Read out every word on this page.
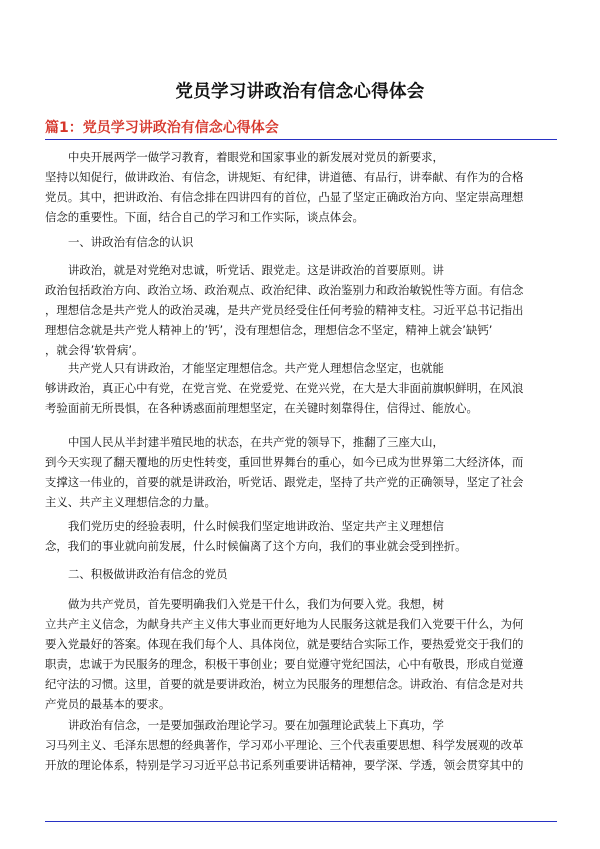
党员学习讲政治有信念心得体会
篇1：党员学习讲政治有信念心得体会
中央开展两学一做学习教育，着眼党和国家事业的新发展对党员的新要求，
坚持以知促行，做讲政治、有信念，讲规矩、有纪律，讲道德、有品行，讲奉献、有作为的合格
党员。其中，把讲政治、有信念排在四讲四有的首位，凸显了坚定正确政治方向、坚定崇高理想
信念的重要性。下面，结合自己的学习和工作实际，谈点体会。
一、讲政治有信念的认识
讲政治，就是对党绝对忠诚，听党话、跟党走。这是讲政治的首要原则。讲
政治包括政治方向、政治立场、政治观点、政治纪律、政治鉴别力和政治敏锐性等方面。有信念
，理想信念是共产党人的政治灵魂，是共产党员经受住任何考验的精神支柱。习近平总书记指出
理想信念就是共产党人精神上的’钙’，没有理想信念，理想信念不坚定，精神上就会’缺钙’
，就会得’软骨病’。
共产党人只有讲政治，才能坚定理想信念。共产党人理想信念坚定，也就能
够讲政治，真正心中有党，在党言党、在党爱党、在党兴党，在大是大非面前旗帜鲜明，在风浪
考验面前无所畏惧，在各种诱惑面前理想坚定，在关键时刻靠得住，信得过、能放心。
中国人民从半封建半殖民地的状态，在共产党的领导下，推翻了三座大山，
到今天实现了翻天覆地的历史性转变，重回世界舞台的重心，如今已成为世界第二大经济体，而
支撑这一伟业的，首要的就是讲政治，听党话、跟党走，坚持了共产党的正确领导，坚定了社会
主义、共产主义理想信念的力量。
我们党历史的经验表明，什么时候我们坚定地讲政治、坚定共产主义理想信
念，我们的事业就向前发展，什么时候偏离了这个方向，我们的事业就会受到挫折。
二、积极做讲政治有信念的党员
做为共产党员，首先要明确我们入党是干什么，我们为何要入党。我想，树
立共产主义信念，为献身共产主义伟大事业而更好地为人民服务这就是我们入党要干什么，为何
要入党最好的答案。体现在我们每个人、具体岗位，就是要结合实际工作，要热爱党交于我们的
职责，忠诚于为民服务的理念，积极干事创业；要自觉遵守党纪国法，心中有敬畏，形成自觉遵
纪守法的习惯。这里，首要的就是要讲政治，树立为民服务的理想信念。讲政治、有信念是对共
产党员的最基本的要求。
讲政治有信念，一是要加强政治理论学习。要在加强理论武装上下真功，学
习马列主义、毛泽东思想的经典著作，学习邓小平理论、三个代表重要思想、科学发展观的改革
开放的理论体系，特别是学习习近平总书记系列重要讲话精神，要学深、学透，领会贯穿其中的
